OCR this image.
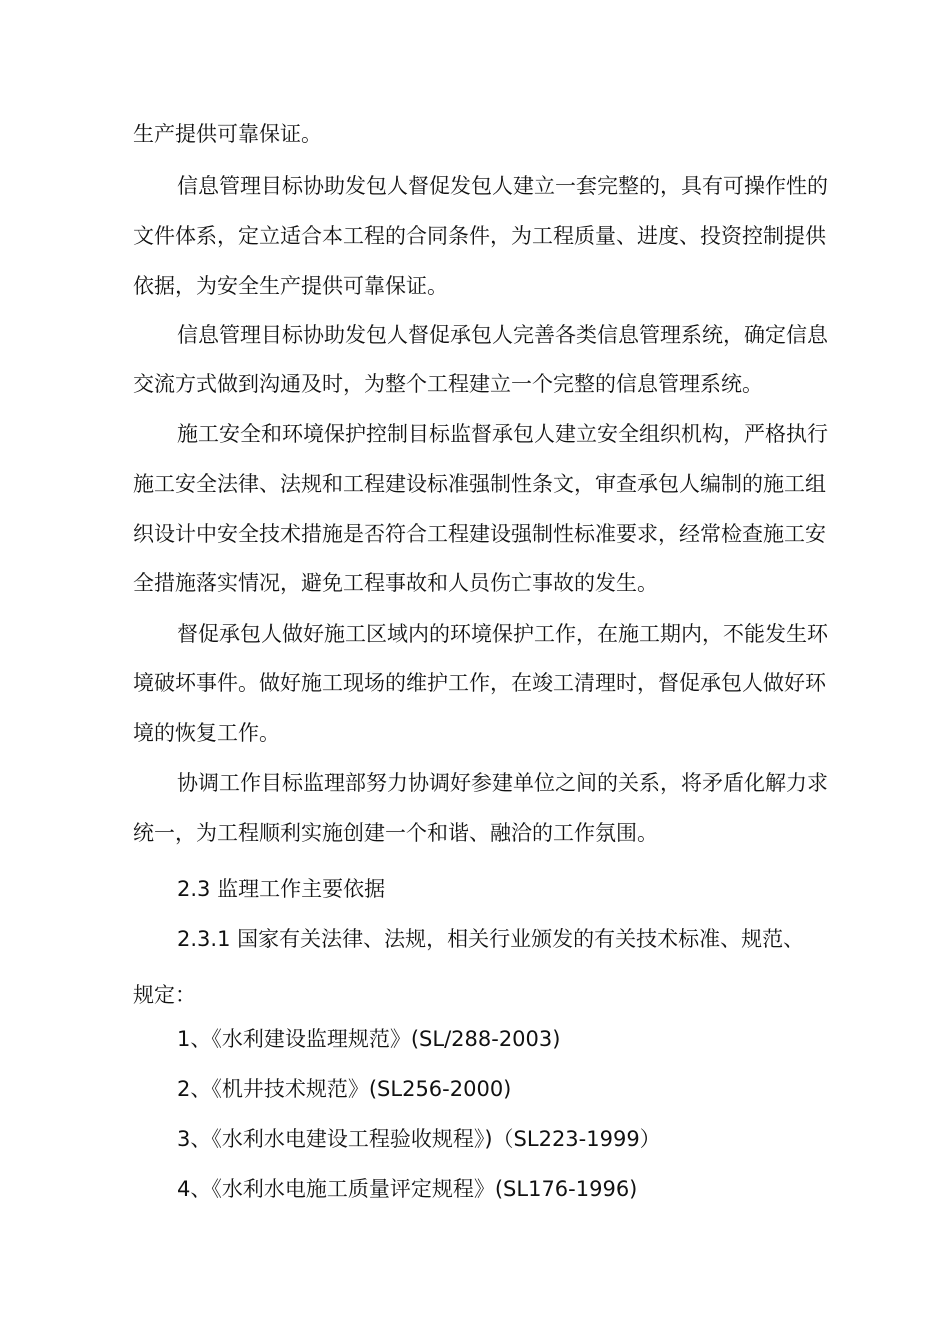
生产提供可靠保证。

信息管理目标协助发包人督促发包人建立一套完整的，具有可操作性的

文件体系，定立适合本工程的合同条件，为工程质量、进度、投资控制提供

依据，为安全生产提供可靠保证。

信息管理目标协助发包人督促承包人完善各类信息管理系统，确定信息

交流方式做到沟通及时，为整个工程建立一个完整的信息管理系统。

施工安全和环境保护控制目标监督承包人建立安全组织机构，严格执行

施工安全法律、法规和工程建设标准强制性条文，审查承包人编制的施工组

织设计中安全技术措施是否符合工程建设强制性标准要求，经常检查施工安

全措施落实情况，避免工程事故和人员伤亡事故的发生。

督促承包人做好施工区域内的环境保护工作，在施工期内，不能发生环

境破坏事件。做好施工现场的维护工作，在竣工清理时，督促承包人做好环

境的恢复工作。

协调工作目标监理部努力协调好参建单位之间的关系，将矛盾化解力求

统一，为工程顺利实施创建一个和谐、融洽的工作氛围。

2.3 监理工作主要依据

2.3.1 国家有关法律、法规，相关行业颁发的有关技术标准、规范、

规定：

1、《水利建设监理规范》(SL/288-2003)

2、《机井技术规范》(SL256-2000)

3、《水利水电建设工程验收规程》)（SL223-1999）

4、《水利水电施工质量评定规程》(SL176-1996)
